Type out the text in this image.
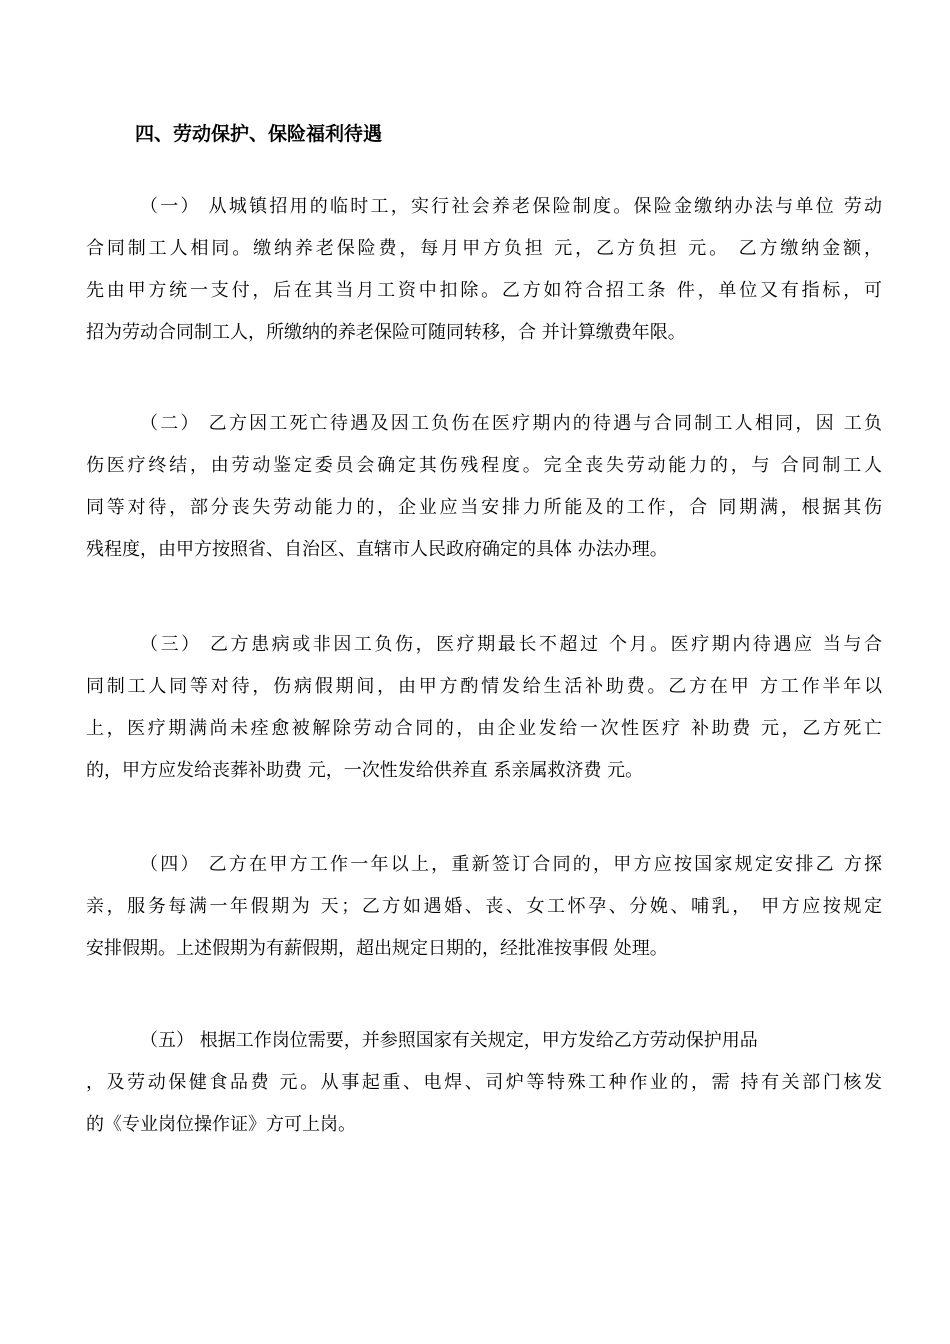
四、劳动保护、保险福利待遇
（一） 从城镇招用的临时工，实行社会养老保险制度。保险金缴纳办法与单位 劳动
合同制工人相同。缴纳养老保险费，每月甲方负担 元，乙方负担 元。 乙方缴纳金额，
先由甲方统一支付，后在其当月工资中扣除。乙方如符合招工条 件，单位又有指标，可
招为劳动合同制工人，所缴纳的养老保险可随同转移，合 并计算缴费年限。
（二） 乙方因工死亡待遇及因工负伤在医疗期内的待遇与合同制工人相同，因 工负
伤医疗终结，由劳动鉴定委员会确定其伤残程度。完全丧失劳动能力的，与 合同制工人
同等对待，部分丧失劳动能力的，企业应当安排力所能及的工作，合 同期满，根据其伤
残程度，由甲方按照省、自治区、直辖市人民政府确定的具体 办法办理。
（三） 乙方患病或非因工负伤，医疗期最长不超过 个月。医疗期内待遇应 当与合
同制工人同等对待，伤病假期间，由甲方酌情发给生活补助费。乙方在甲 方工作半年以
上，医疗期满尚未痊愈被解除劳动合同的，由企业发给一次性医疗 补助费 元，乙方死亡
的，甲方应发给丧葬补助费 元，一次性发给供养直 系亲属救济费 元。
（四） 乙方在甲方工作一年以上，重新签订合同的，甲方应按国家规定安排乙 方探
亲，服务每满一年假期为 天；乙方如遇婚、丧、女工怀孕、分娩、哺乳， 甲方应按规定
安排假期。上述假期为有薪假期，超出规定日期的，经批准按事假 处理。
（五） 根据工作岗位需要，并参照国家有关规定，甲方发给乙方劳动保护用品
，及劳动保健食品费 元。从事起重、电焊、司炉等特殊工种作业的，需 持有关部门核发
的《专业岗位操作证》方可上岗。
